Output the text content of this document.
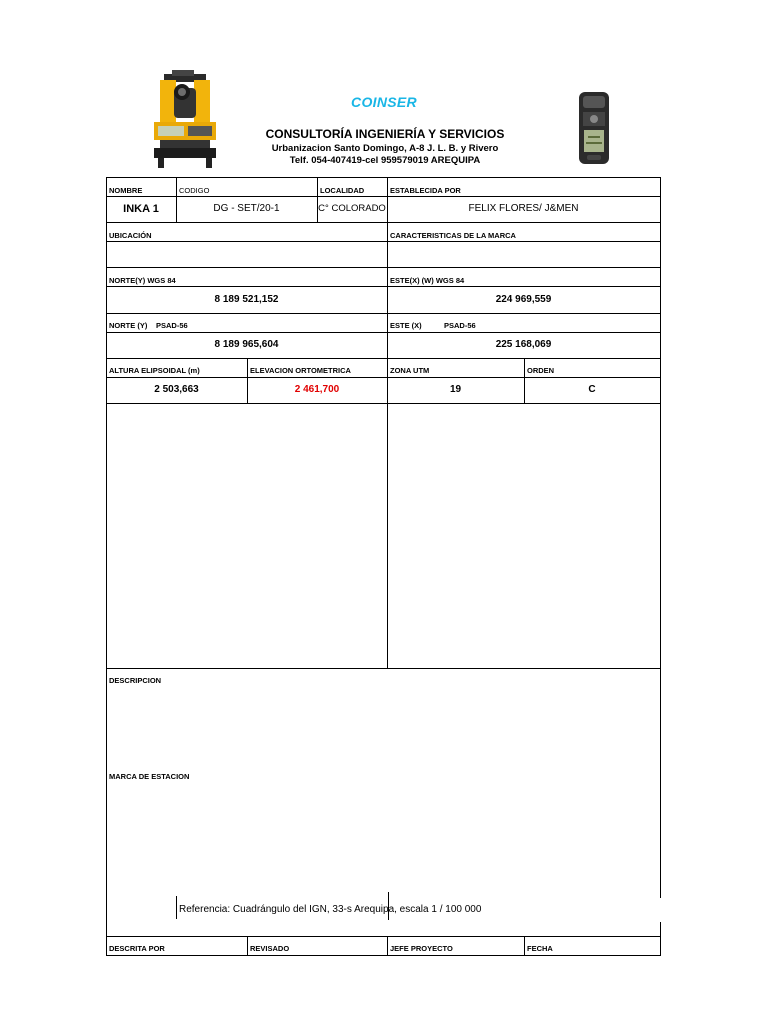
COINSER
CONSULTORÍA INGENIERÍA Y SERVICIOS
Urbanizacion Santo Domingo, A-8 J. L. B. y Rivero
Telf. 054-407419-cel 959579019 AREQUIPA
NOMBRE	CODIGO	LOCALIDAD	ESTABLECIDA POR
INKA 1	DG - SET/20-1	C° COLORADO	FELIX FLORES/ J&MEN
UBICACIÓN	CARACTERISTICAS DE LA MARCA
NORTE(Y) WGS 84	ESTE(X) (W) WGS 84
8 189 521,152	224 969,559
NORTE (Y) PSAD-56	ESTE (X)	PSAD-56
8 189 965,604	225 168,069
ALTURA ELIPSOIDAL (m)	ELEVACION ORTOMETRICA	ZONA UTM	ORDEN
2 503,663	2 461,700	19	C
DESCRIPCION
MARCA DE ESTACION
Referencia: Cuadrángulo del IGN, 33-s Arequipa, escala 1 / 100 000
DESCRITA POR	REVISADO	JEFE PROYECTO	FECHA
